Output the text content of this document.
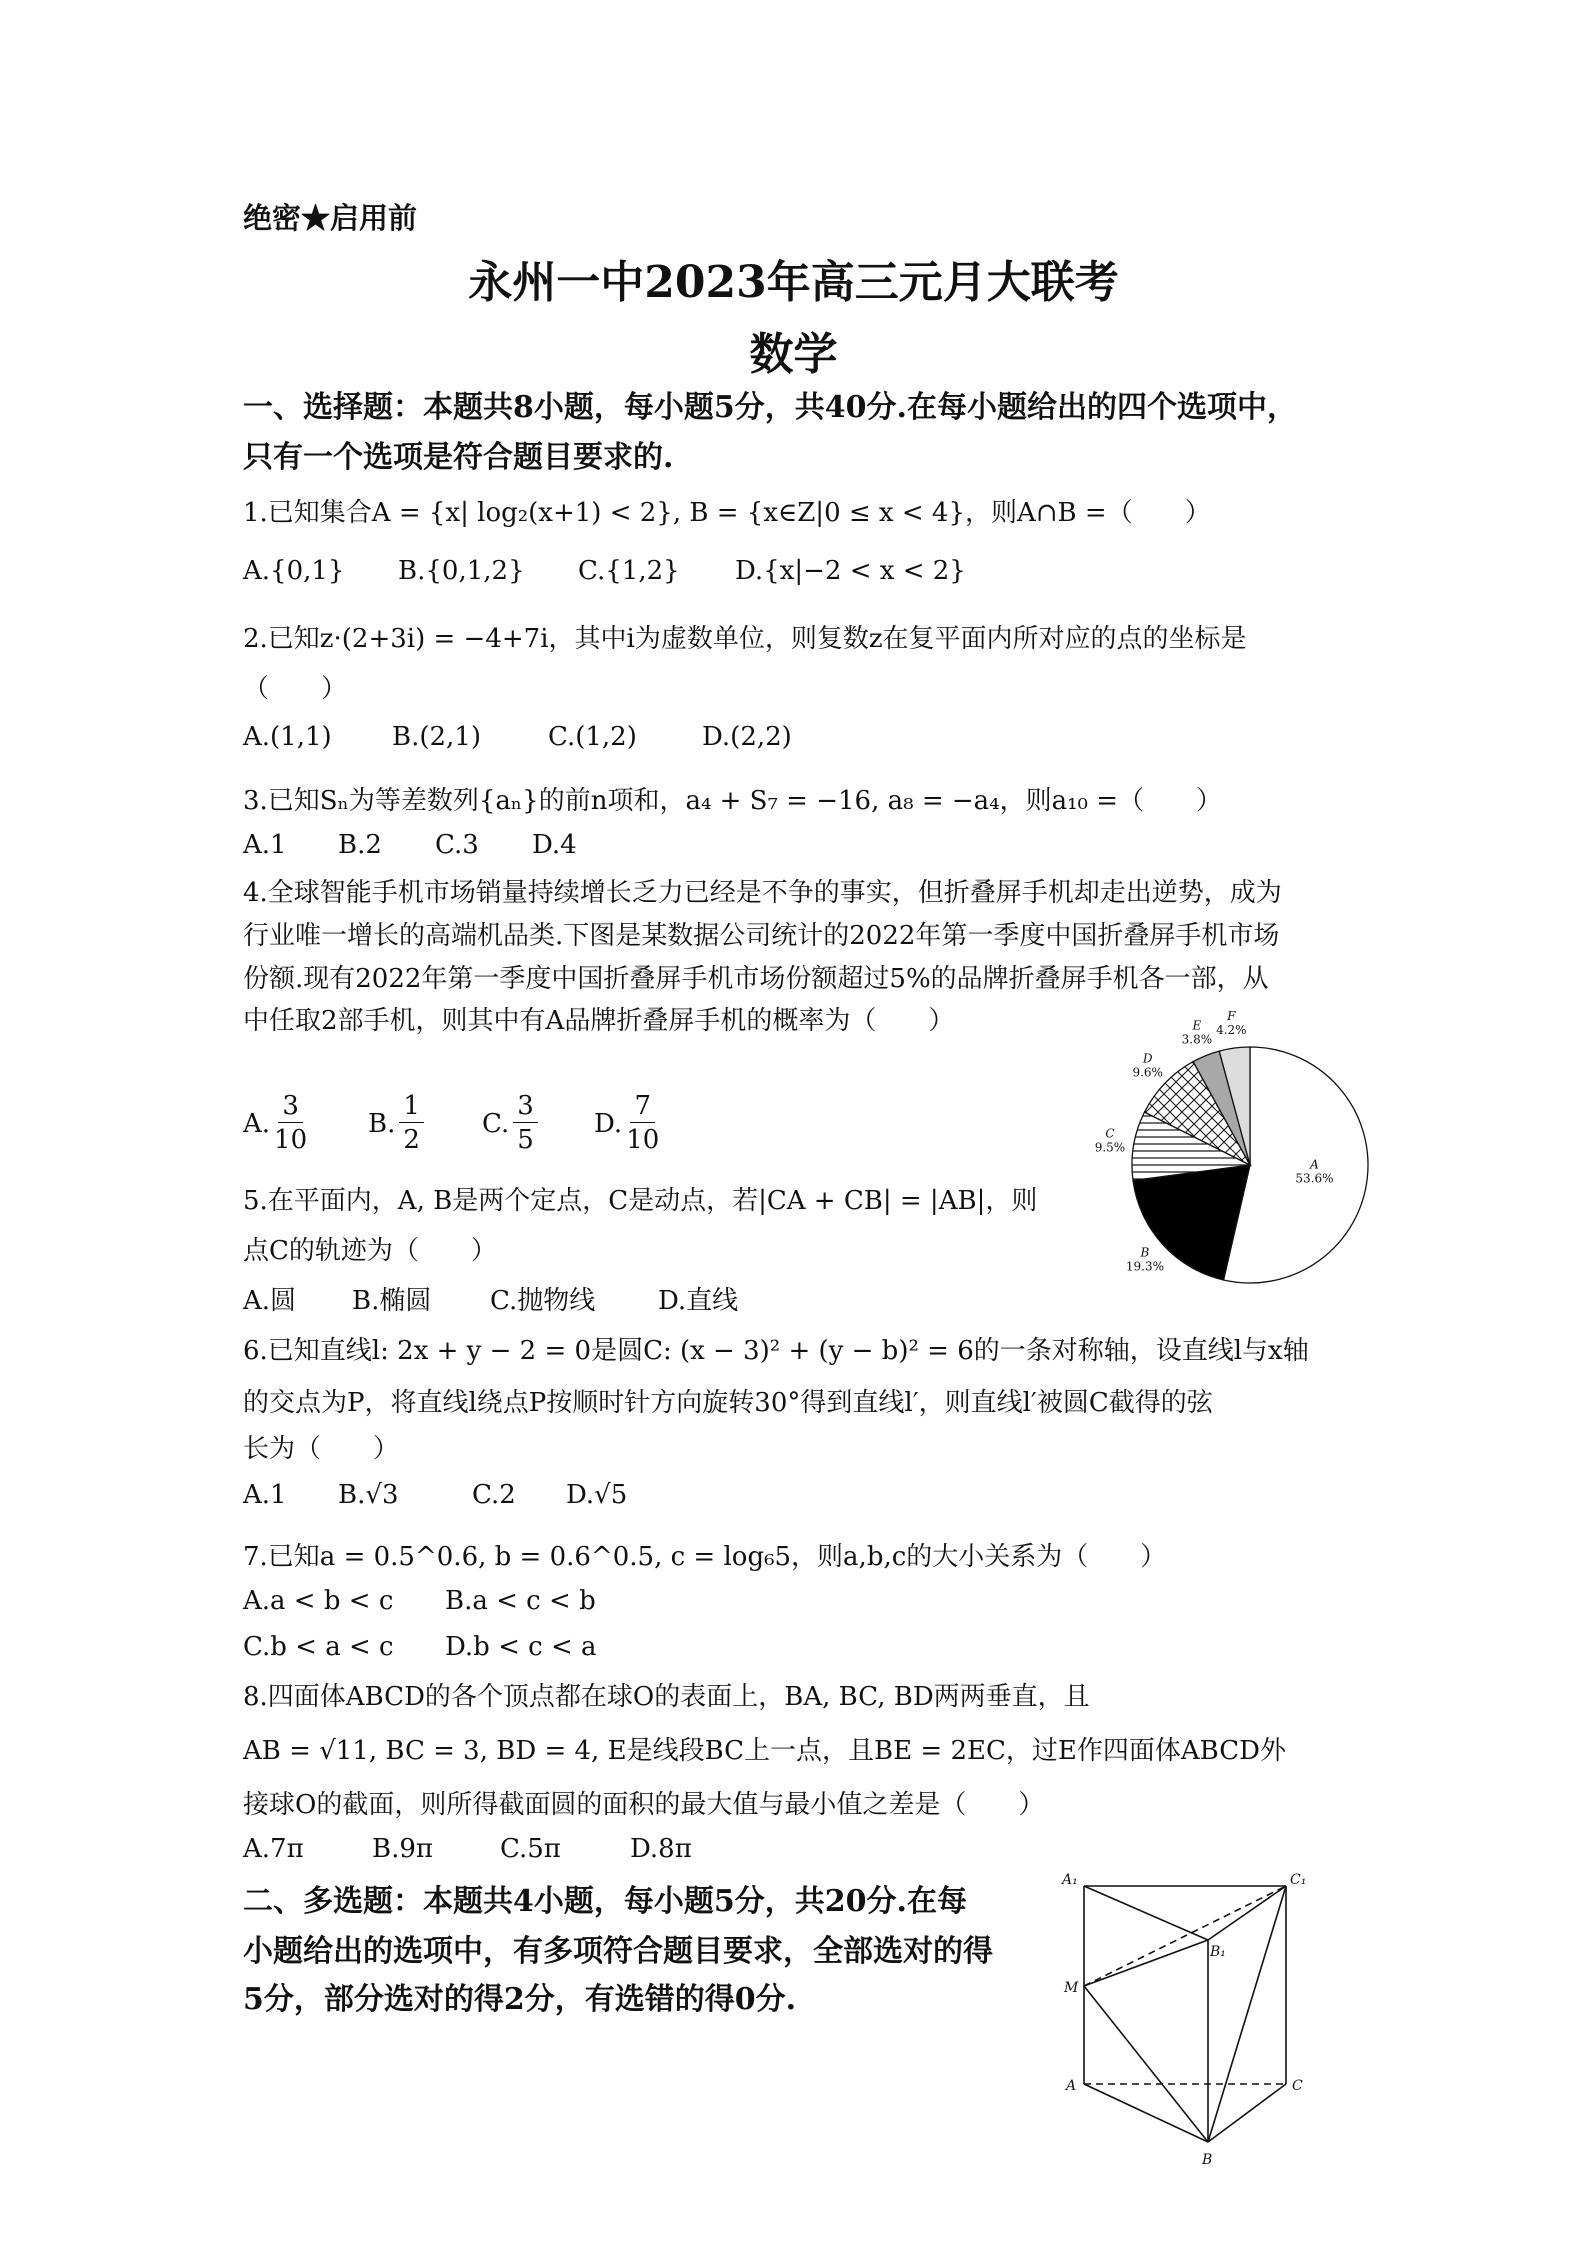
绝密★启用前
永州一中2023年高三元月大联考
数学
一、选择题：本题共8小题，每小题5分，共40分.在每小题给出的四个选项中，
只有一个选项是符合题目要求的.
1.已知集合A = {x| log₂(x+1) < 2}, B = {x∈Z|0 ≤ x < 4}，则A∩B =（　　）
A.{0,1} B.{0,1,2} C.{1,2} D.{x|−2 < x < 2}
2.已知z·(2+3i) = −4+7i，其中i为虚数单位，则复数z在复平面内所对应的点的坐标是
（　　）
A.(1,1) B.(2,1)	C.(1,2)	D.(2,2)
3.已知Sₙ为等差数列{aₙ}的前n项和，a₄ + S₇ = −16, a₈ = −a₄，则a₁₀ =（　　）
A.1 B.2 C.3 D.4
4.全球智能手机市场销量持续增长乏力已经是不争的事实，但折叠屏手机却走出逆势，成为
行业唯一增长的高端机品类.下图是某数据公司统计的2022年第一季度中国折叠屏手机市场
份额.现有2022年第一季度中国折叠屏手机市场份额超过5%的品牌折叠屏手机各一部，从
中任取2部手机，则其中有A品牌折叠屏手机的概率为（　　）
A. $\frac{3}{10} B$. $\frac{1}{2} C$. $\frac{3}{5} D$. $\frac{7}{10}$
A
53.6%
B
19.3%
C
9.5%
D
9.6%
E
3.8%
F
4.2%
5.在平面内，A, B是两个定点，C是动点，若|CA + CB| = |AB|，则
点C的轨迹为（　　）
A.圆 B.椭圆 C.抛物线 D.直线
6.已知直线l: 2x + y − 2 = 0是圆C: (x − 3)² + (y − b)² = 6的一条对称轴，设直线l与x轴
的交点为P，将直线l绕点P按顺时针方向旋转30°得到直线l′，则直线l′被圆C截得的弦
长为（　　）
A.1 B.√3	C.2 D.√5
7.已知a = 0.5^0.6, b = 0.6^0.5, c = log₆5，则a,b,c的大小关系为（　　）
A.a < b < c B.a < c < b
C.b < a < c D.b < c < a
8.四面体ABCD的各个顶点都在球O的表面上，BA, BC, BD两两垂直，且
AB = √11, BC = 3, BD = 4, E是线段BC上一点，且BE = 2EC，过E作四面体ABCD外
接球O的截面，则所得截面圆的面积的最大值与最小值之差是（　　）
A.7π	B.9π	C.5π	D.8π
二、多选题：本题共4小题，每小题5分，共20分.在每
小题给出的选项中，有多项符合题目要求，全部选对的得
5分，部分选对的得2分，有选错的得0分.
A₁	C₁
B₁
M
A	C
B
